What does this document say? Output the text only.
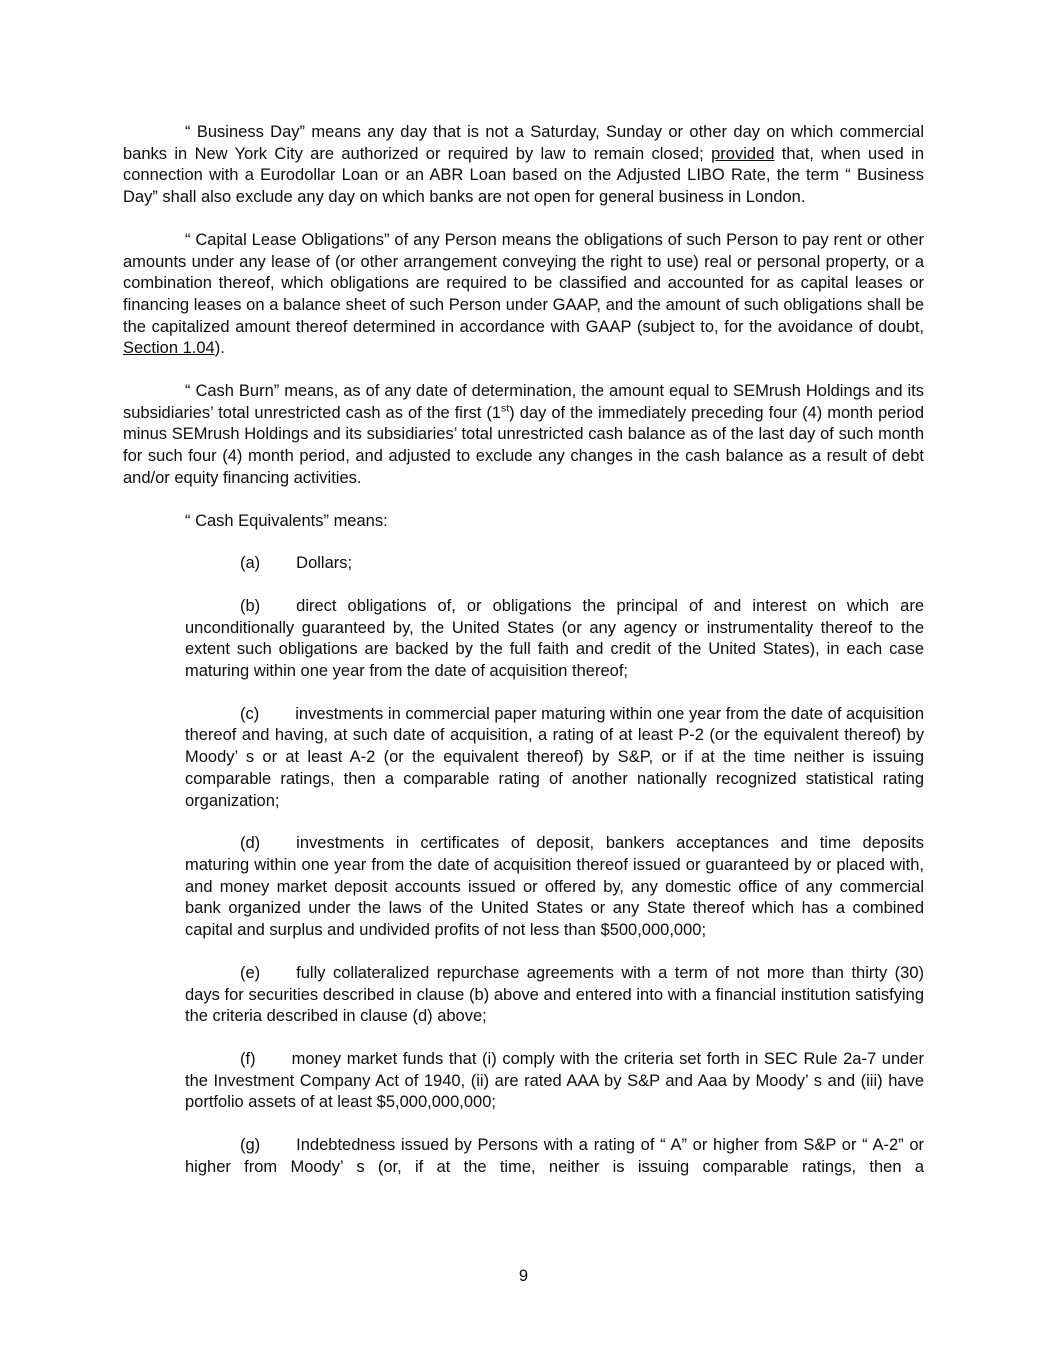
“ Business Day” means any day that is not a Saturday, Sunday or other day on which commercial banks in New York City are authorized or required by law to remain closed; provided that, when used in connection with a Eurodollar Loan or an ABR Loan based on the Adjusted LIBO Rate, the term “ Business Day” shall also exclude any day on which banks are not open for general business in London.

“ Capital Lease Obligations” of any Person means the obligations of such Person to pay rent or other amounts under any lease of (or other arrangement conveying the right to use) real or personal property, or a combination thereof, which obligations are required to be classified and accounted for as capital leases or financing leases on a balance sheet of such Person under GAAP, and the amount of such obligations shall be the capitalized amount thereof determined in accordance with GAAP (subject to, for the avoidance of doubt, Section 1.04).

“ Cash Burn” means, as of any date of determination, the amount equal to SEMrush Holdings and its subsidiaries’ total unrestricted cash as of the first (1st) day of the immediately preceding four (4) month period minus SEMrush Holdings and its subsidiaries’ total unrestricted cash balance as of the last day of such month for such four (4) month period, and adjusted to exclude any changes in the cash balance as a result of debt and/or equity financing activities.

“ Cash Equivalents” means:

(a) Dollars;

(b) direct obligations of, or obligations the principal of and interest on which are unconditionally guaranteed by, the United States (or any agency or instrumentality thereof to the extent such obligations are backed by the full faith and credit of the United States), in each case maturing within one year from the date of acquisition thereof;

(c) investments in commercial paper maturing within one year from the date of acquisition thereof and having, at such date of acquisition, a rating of at least P-2 (or the equivalent thereof) by Moody’ s or at least A-2 (or the equivalent thereof) by S&P, or if at the time neither is issuing comparable ratings, then a comparable rating of another nationally recognized statistical rating organization;

(d) investments in certificates of deposit, bankers acceptances and time deposits maturing within one year from the date of acquisition thereof issued or guaranteed by or placed with, and money market deposit accounts issued or offered by, any domestic office of any commercial bank organized under the laws of the United States or any State thereof which has a combined capital and surplus and undivided profits of not less than $500,000,000;

(e) fully collateralized repurchase agreements with a term of not more than thirty (30) days for securities described in clause (b) above and entered into with a financial institution satisfying the criteria described in clause (d) above;

(f) money market funds that (i) comply with the criteria set forth in SEC Rule 2a-7 under the Investment Company Act of 1940, (ii) are rated AAA by S&P and Aaa by Moody’ s and (iii) have portfolio assets of at least $5,000,000,000;

(g) Indebtedness issued by Persons with a rating of “ A” or higher from S&P or “ A-2” or higher from Moody’ s (or, if at the time, neither is issuing comparable ratings, then a

9
